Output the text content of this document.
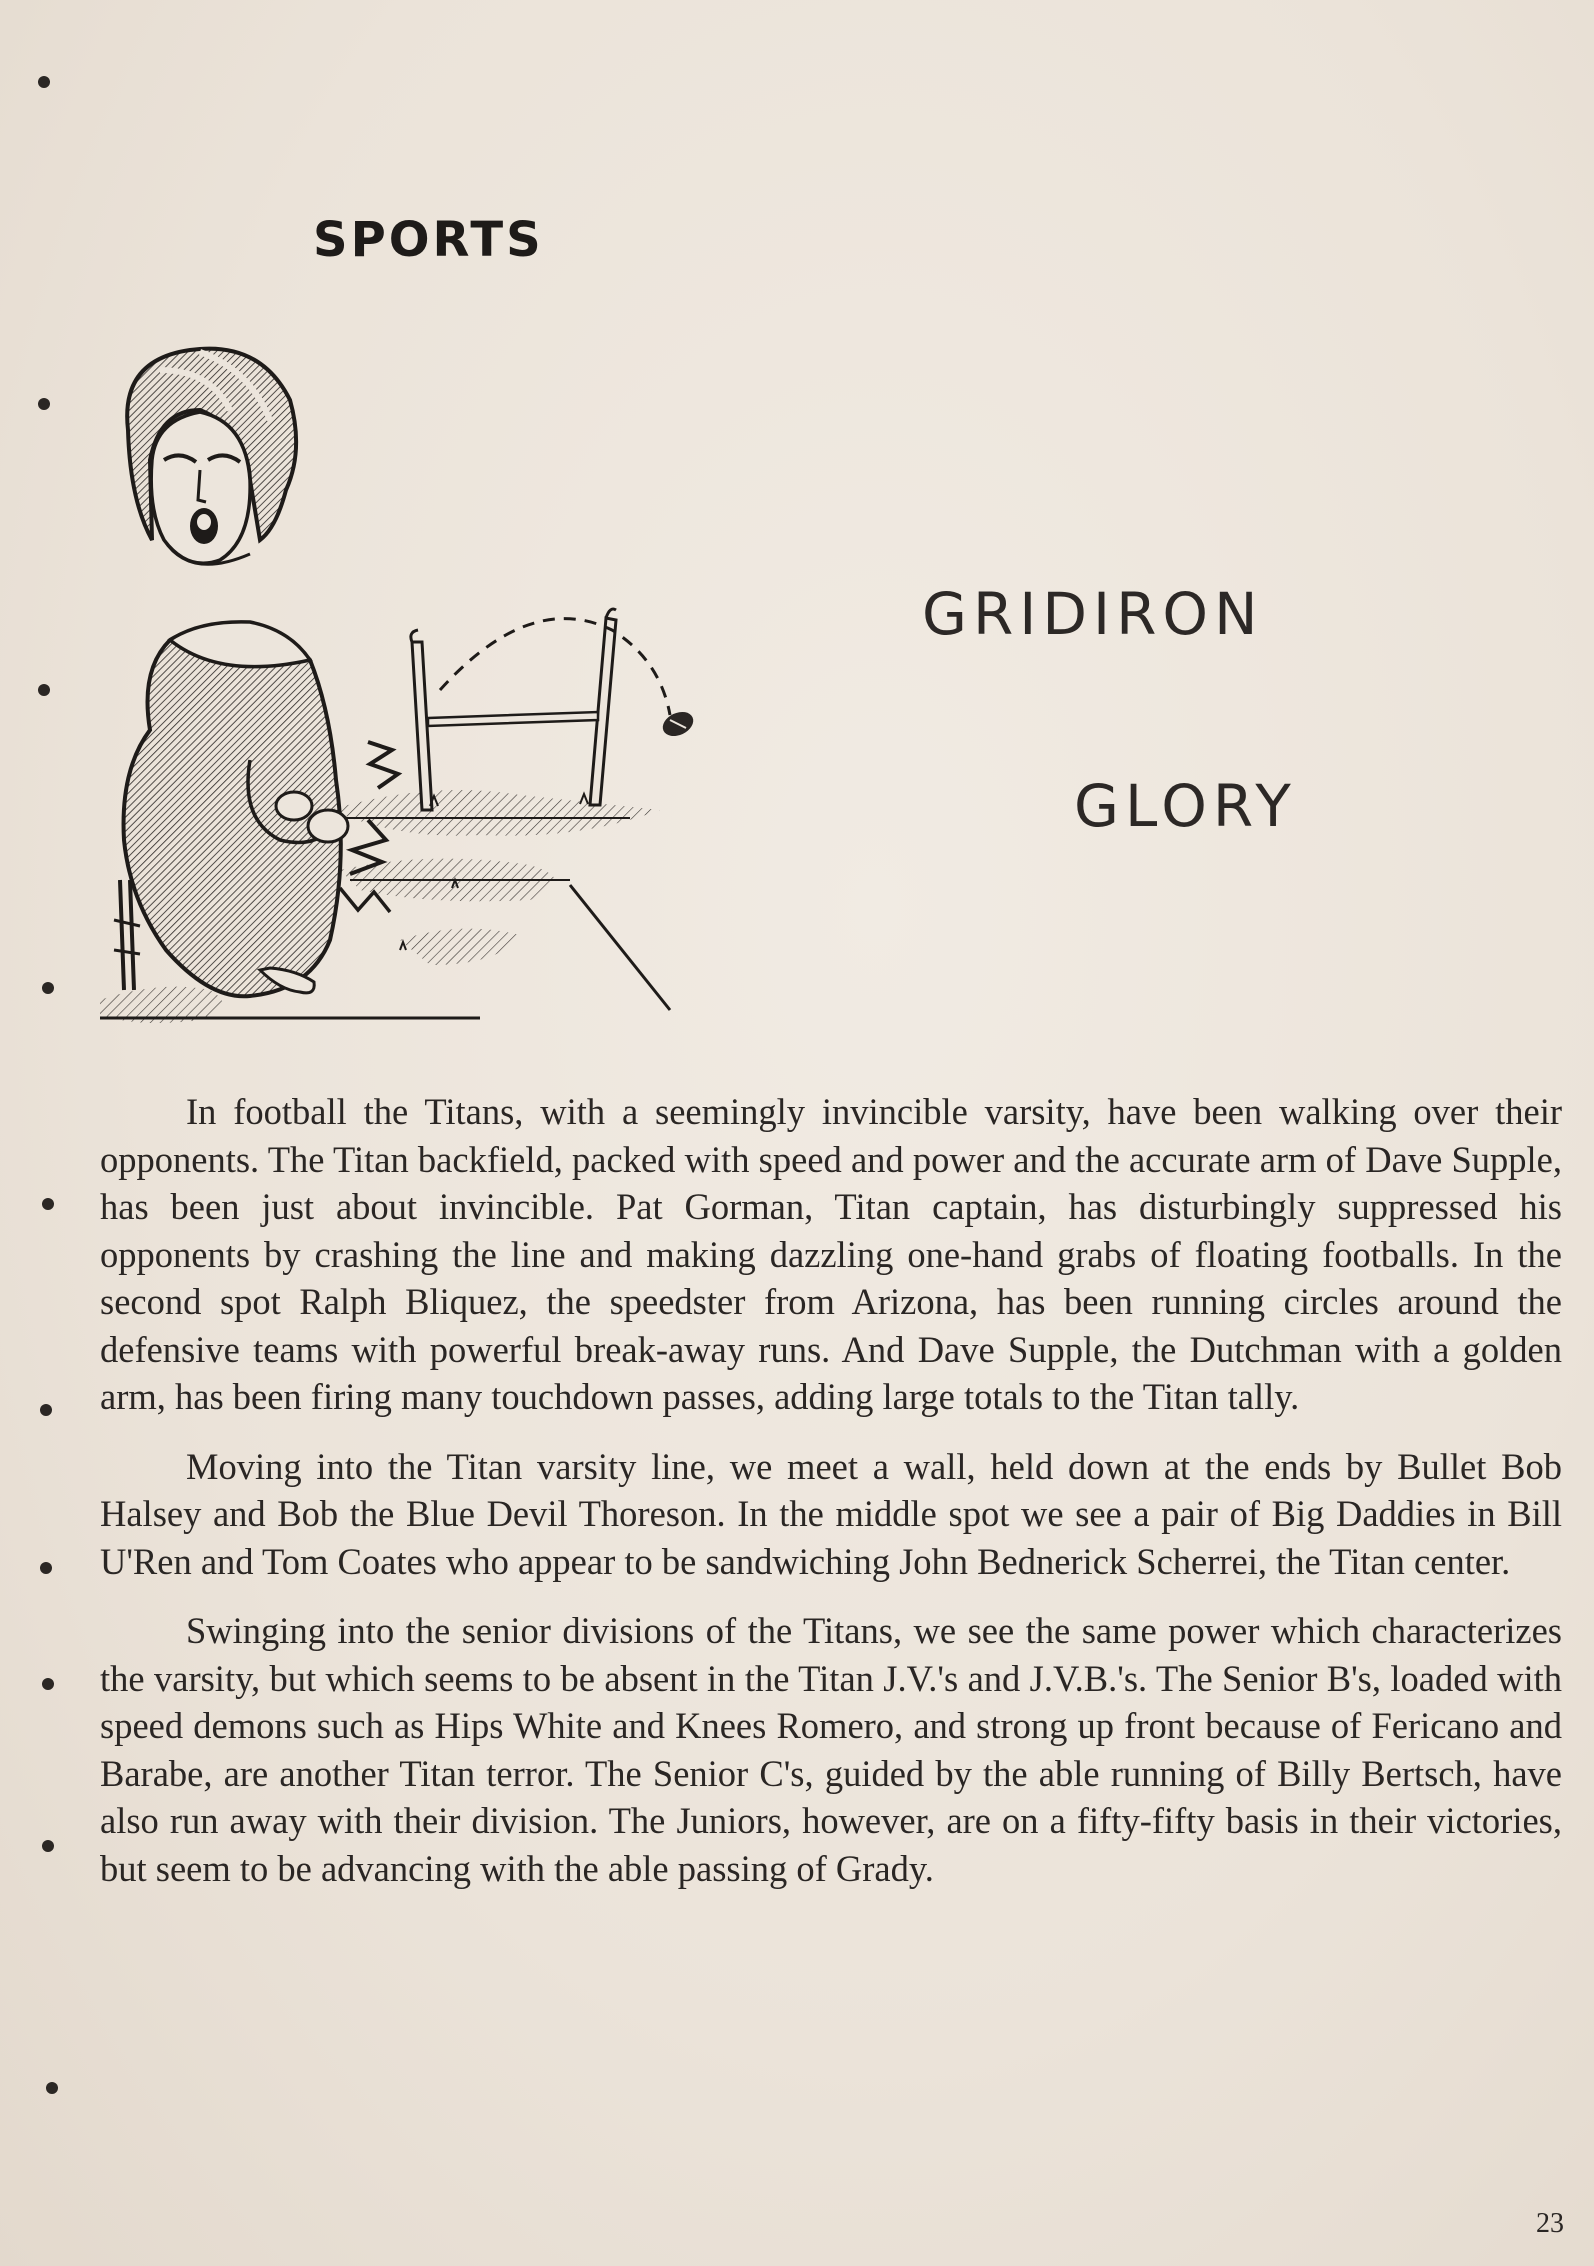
SPORTS
GRIDIRON
GLORY

In football the Titans, with a seemingly invincible varsity, have been walking over their opponents. The Titan backfield, packed with speed and power and the accurate arm of Dave Supple, has been just about invincible. Pat Gorman, Titan captain, has disturbingly suppressed his opponents by crashing the line and making dazzling one-hand grabs of floating footballs. In the second spot Ralph Bliquez, the speedster from Arizona, has been running circles around the defensive teams with powerful break-away runs. And Dave Supple, the Dutchman with a golden arm, has been firing many touchdown passes, adding large totals to the Titan tally.

Moving into the Titan varsity line, we meet a wall, held down at the ends by Bullet Bob Halsey and Bob the Blue Devil Thoreson. In the middle spot we see a pair of Big Daddies in Bill U'Ren and Tom Coates who appear to be sandwiching John Bednerick Scherrei, the Titan center.

Swinging into the senior divisions of the Titans, we see the same power which characterizes the varsity, but which seems to be absent in the Titan J.V.'s and J.V.B.'s. The Senior B's, loaded with speed demons such as Hips White and Knees Romero, and strong up front because of Fericano and Barabe, are another Titan terror. The Senior C's, guided by the able running of Billy Bertsch, have also run away with their division. The Juniors, however, are on a fifty-fifty basis in their victories, but seem to be advancing with the able passing of Grady.

23
